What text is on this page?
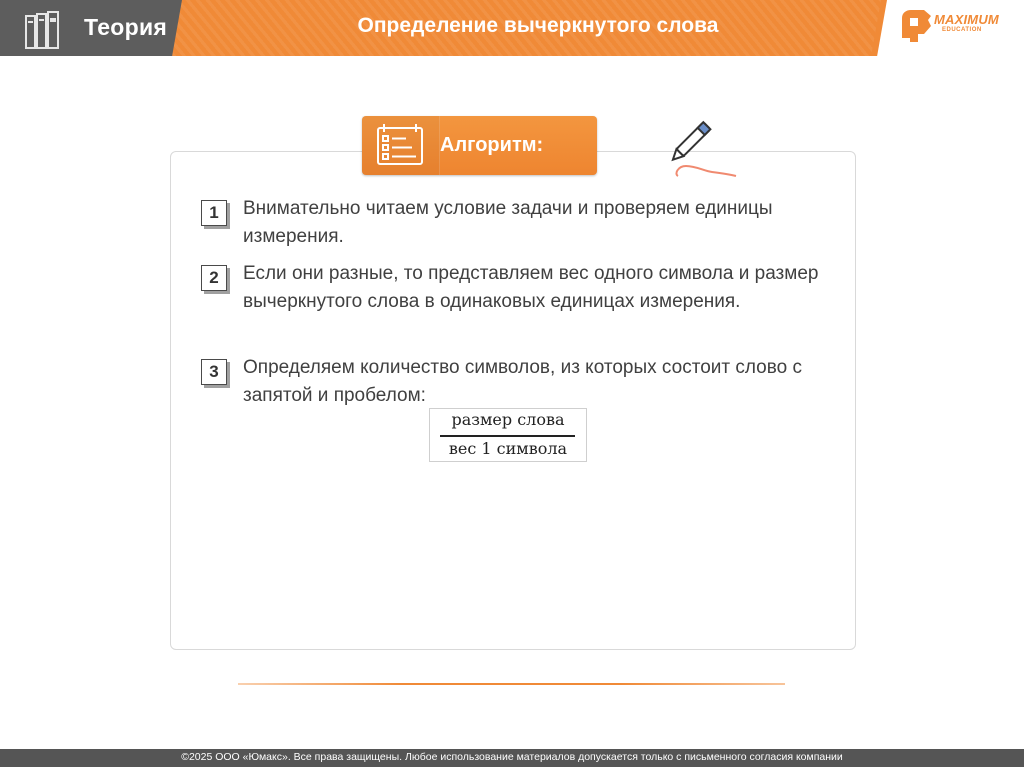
Теория	Определение вычеркнутого слова	MAXIMUM
EDUCATION
Алгоритм:
1	Внимательно читаем условие задачи и проверяем единицы измерения.
2	Если они разные, то представляем вес одного символа и размер вычеркнутого слова в одинаковых единицах измерения.
3	Определяем количество символов, из которых состоит слово с запятой и пробелом:
размер слова
вес 1 символа
©2025 ООО «Юмакс». Все права защищены. Любое использование материалов допускается только с письменного согласия компании
